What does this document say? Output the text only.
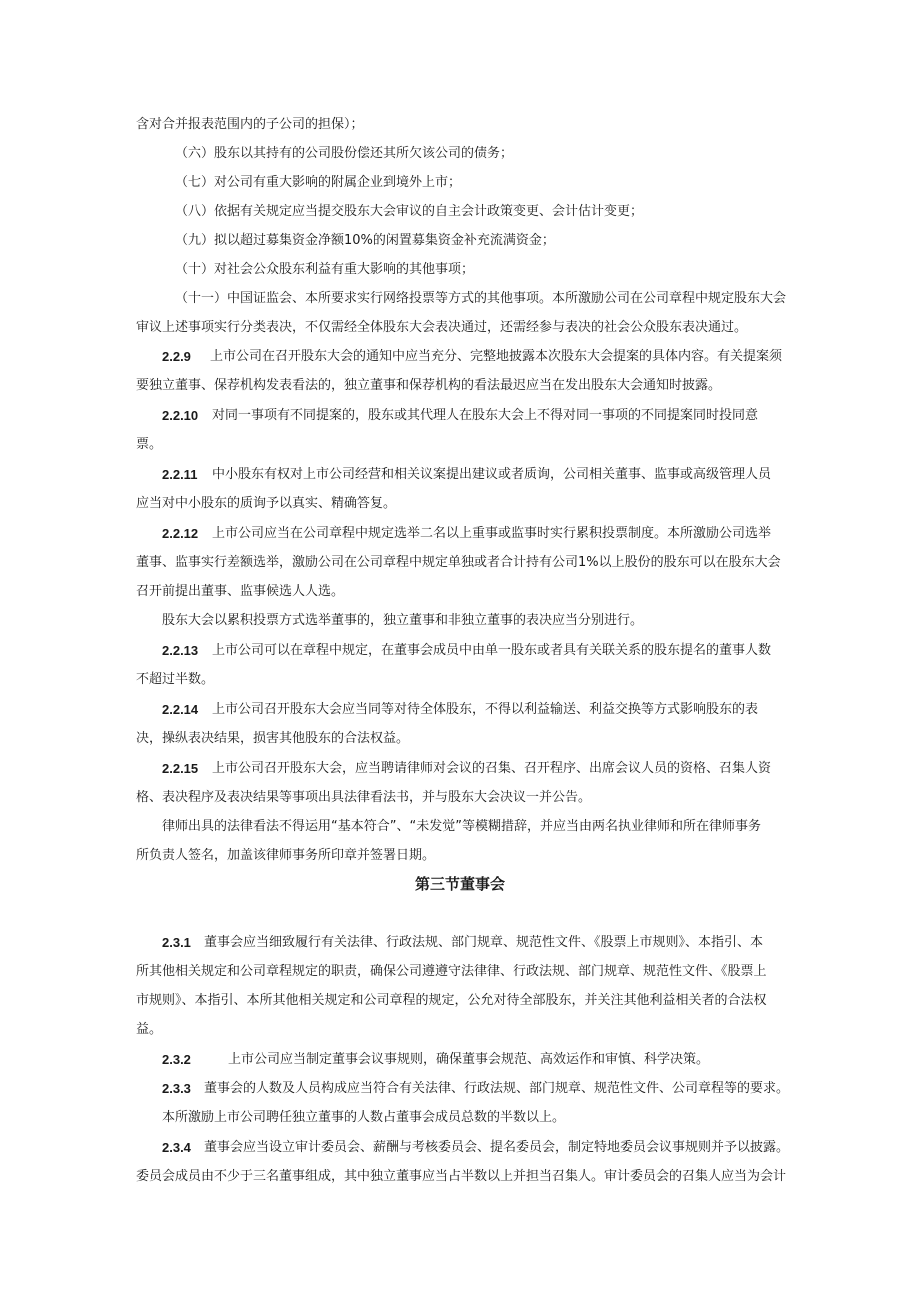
含对合并报表范围内的子公司的担保）；
（六）股东以其持有的公司股份偿还其所欠该公司的债务；
（七）对公司有重大影响的附属企业到境外上市；
（八）依据有关规定应当提交股东大会审议的自主会计政策变更、会计估计变更；
（九）拟以超过募集资金净额10%的闲置募集资金补充流满资金；
（十）对社会公众股东利益有重大影响的其他事项；
（十一）中国证监会、本所要求实行网络投票等方式的其他事项。本所激励公司在公司章程中规定股东大会
审议上述事项实行分类表决，不仅需经全体股东大会表决通过，还需经参与表决的社会公众股东表决通过。
2.2.9 上市公司在召开股东大会的通知中应当充分、完整地披露本次股东大会提案的具体内容。有关提案须
要独立董事、保荐机构发表看法的，独立董事和保荐机构的看法最迟应当在发出股东大会通知时披露。
2.2.10 对同一事项有不同提案的，股东或其代理人在股东大会上不得对同一事项的不同提案同时投同意
票。
2.2.11 中小股东有权对上市公司经营和相关议案提出建议或者质询，公司相关董事、监事或高级管理人员
应当对中小股东的质询予以真实、精确答复。
2.2.12 上市公司应当在公司章程中规定选举二名以上重事或监事时实行累积投票制度。本所激励公司选举
董事、监事实行差额选举，激励公司在公司章程中规定单独或者合计持有公司1%以上股份的股东可以在股东大会
召开前提出董事、监事候选人人选。
股东大会以累积投票方式选举董事的，独立董事和非独立董事的表决应当分别进行。
2.2.13 上市公司可以在章程中规定，在董事会成员中由单一股东或者具有关联关系的股东提名的董事人数
不超过半数。
2.2.14 上市公司召开股东大会应当同等对待全体股东，不得以利益输送、利益交换等方式影响股东的表
决，操纵表决结果，损害其他股东的合法权益。
2.2.15 上市公司召开股东大会，应当聘请律师对会议的召集、召开程序、出席会议人员的资格、召集人资
格、表决程序及表决结果等事项出具法律看法书，并与股东大会决议一并公告。
律师出具的法律看法不得运用“基本符合”、“未发觉”等模糊措辞，并应当由两名执业律师和所在律师事务
所负责人签名，加盖该律师事务所印章并签署日期。
第三节董事会
2.3.1 董事会应当细致履行有关法律、行政法规、部门规章、规范性文件、《股票上市规则》、本指引、本
所其他相关规定和公司章程规定的职责，确保公司遵遵守法律律、行政法规、部门规章、规范性文件、《股票上
市规则》、本指引、本所其他相关规定和公司章程的规定，公允对待全部股东，并关注其他利益相关者的合法权
益。
2.3.2	上市公司应当制定董事会议事规则，确保董事会规范、高效运作和审慎、科学决策。
2.3.3 董事会的人数及人员构成应当符合有关法律、行政法规、部门规章、规范性文件、公司章程等的要求。
本所激励上市公司聘任独立董事的人数占董事会成员总数的半数以上。
2.3.4 董事会应当设立审计委员会、薪酬与考核委员会、提名委员会，制定特地委员会议事规则并予以披露。
委员会成员由不少于三名董事组成，其中独立董事应当占半数以上并担当召集人。审计委员会的召集人应当为会计
